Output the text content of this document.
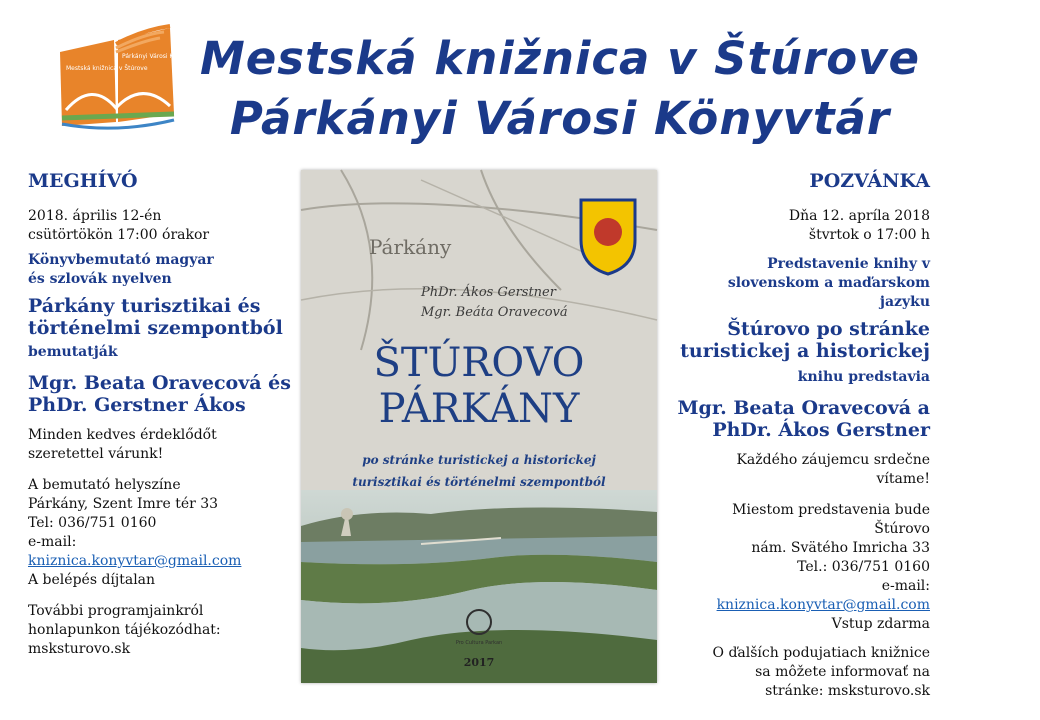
Mestská knižnica v Štúrove
Párkányi Városi Könyvtár Mestská knižnica v Štúrove
Párkányi Városi Könyvtár
MEGHÍVÓ

2018. április 12-én

csütörtökön 17:00 órakor

Könyvbemutató magyar

és szlovák nyelven

Párkány turisztikai és

történelmi szempontból

bemutatják

Mgr. Beata Oravecová és

PhDr. Gerstner Ákos

Minden kedves érdeklődőt

szeretettel várunk!

A bemutató helyszíne

Párkány, Szent Imre tér 33

Tel: 036/751 0160

e-mail:

kniznica.konyvtar@gmail.com

A belépés díjtalan

További programjainkról

honlapunkon tájékozódhat:

msksturovo.sk

Párkány
PhDr. Ákos Gerstner
Mgr. Beáta Oravecová
ŠTÚROVO
PÁRKÁNY
po stránke turistickej a historickej
turisztikai és történelmi szempontból
Pro Cultura Parkan
2017
POZVÁNKA

Dňa 12. apríla 2018

štvrtok o 17:00 h

Predstavenie knihy v

slovenskom a maďarskom

jazyku

Štúrovo po stránke

turistickej a historickej

knihu predstavia

Mgr. Beata Oravecová a

PhDr. Ákos Gerstner

Každého záujemcu srdečne

vítame!

Miestom predstavenia bude

Štúrovo

nám. Svätého Imricha 33

Tel.: 036/751 0160

e-mail:

kniznica.konyvtar@gmail.com

Vstup zdarma

O ďalších podujatiach knižnice

sa môžete informovať na

stránke: msksturovo.sk
